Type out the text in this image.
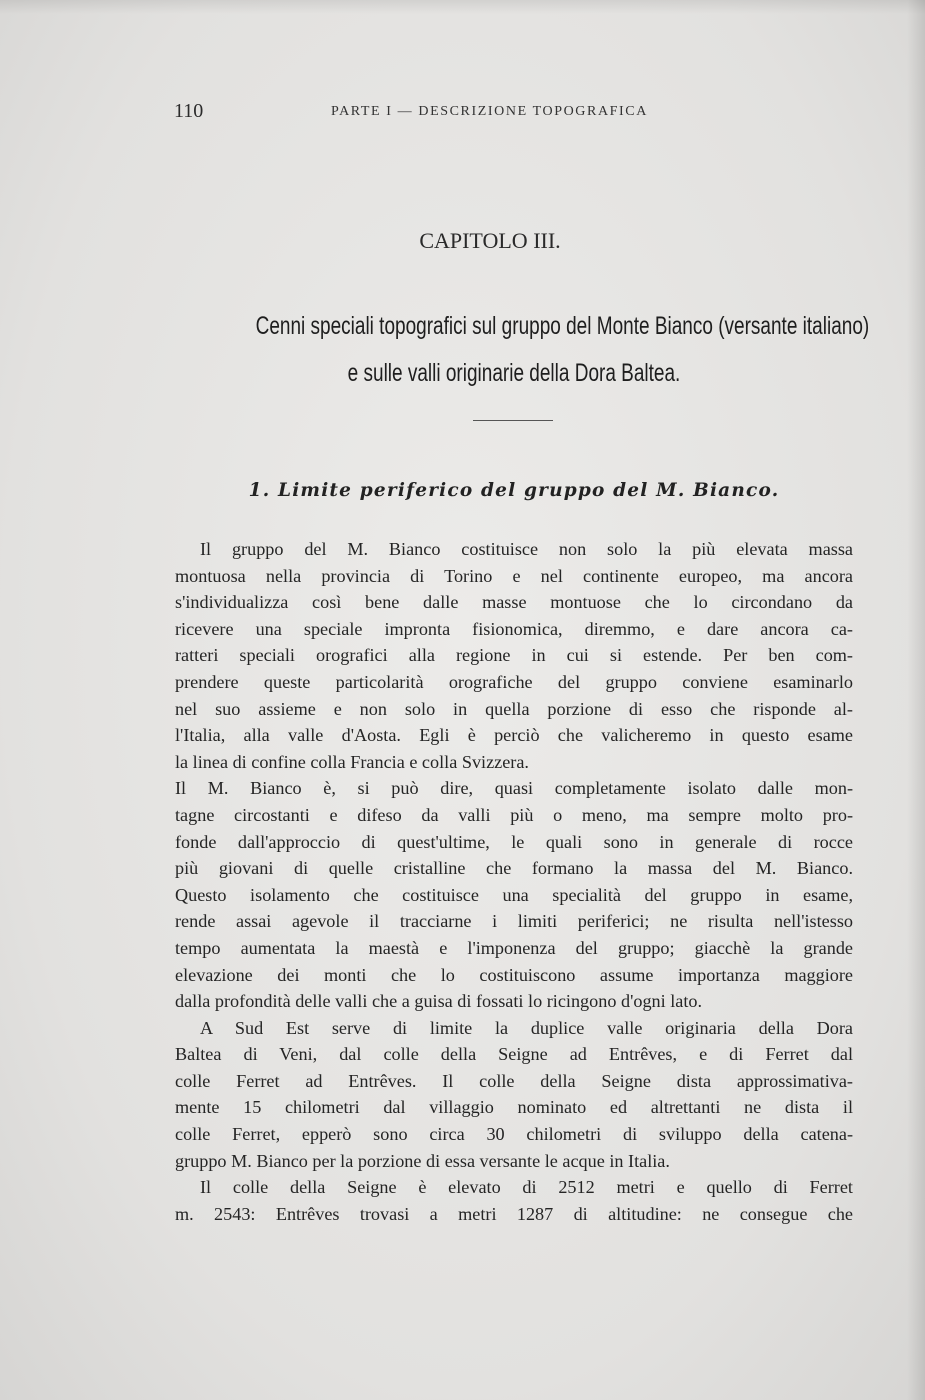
110	PARTE I — DESCRIZIONE TOPOGRAFICA
CAPITOLO III.
Cenni speciali topografici sul gruppo del Monte Bianco (versante italiano)
e sulle valli originarie della Dora Baltea.
1. Limite periferico del gruppo del M. Bianco.
Il gruppo del M. Bianco costituisce non solo la più elevata massa
montuosa nella provincia di Torino e nel continente europeo, ma ancora
s'individualizza così bene dalle masse montuose che lo circondano da
ricevere una speciale impronta fisionomica, diremmo, e dare ancora ca-
ratteri speciali orografici alla regione in cui si estende. Per ben com-
prendere queste particolarità orografiche del gruppo conviene esaminarlo
nel suo assieme e non solo in quella porzione di esso che risponde al-
l'Italia, alla valle d'Aosta. Egli è perciò che valicheremo in questo esame
la linea di confine colla Francia e colla Svizzera.
Il M. Bianco è, si può dire, quasi completamente isolato dalle mon-
tagne circostanti e difeso da valli più o meno, ma sempre molto pro-
fonde dall'approccio di quest'ultime, le quali sono in generale di rocce
più giovani di quelle cristalline che formano la massa del M. Bianco.
Questo isolamento che costituisce una specialità del gruppo in esame,
rende assai agevole il tracciarne i limiti periferici; ne risulta nell'istesso
tempo aumentata la maestà e l'imponenza del gruppo; giacchè la grande
elevazione dei monti che lo costituiscono assume importanza maggiore
dalla profondità delle valli che a guisa di fossati lo ricingono d'ogni lato.
A Sud Est serve di limite la duplice valle originaria della Dora
Baltea di Veni, dal colle della Seigne ad Entrêves, e di Ferret dal
colle Ferret ad Entrêves. Il colle della Seigne dista approssimativa-
mente 15 chilometri dal villaggio nominato ed altrettanti ne dista il
colle Ferret, epperò sono circa 30 chilometri di sviluppo della catena-
gruppo M. Bianco per la porzione di essa versante le acque in Italia.
Il colle della Seigne è elevato di 2512 metri e quello di Ferret
m. 2543: Entrêves trovasi a metri 1287 di altitudine: ne consegue che
